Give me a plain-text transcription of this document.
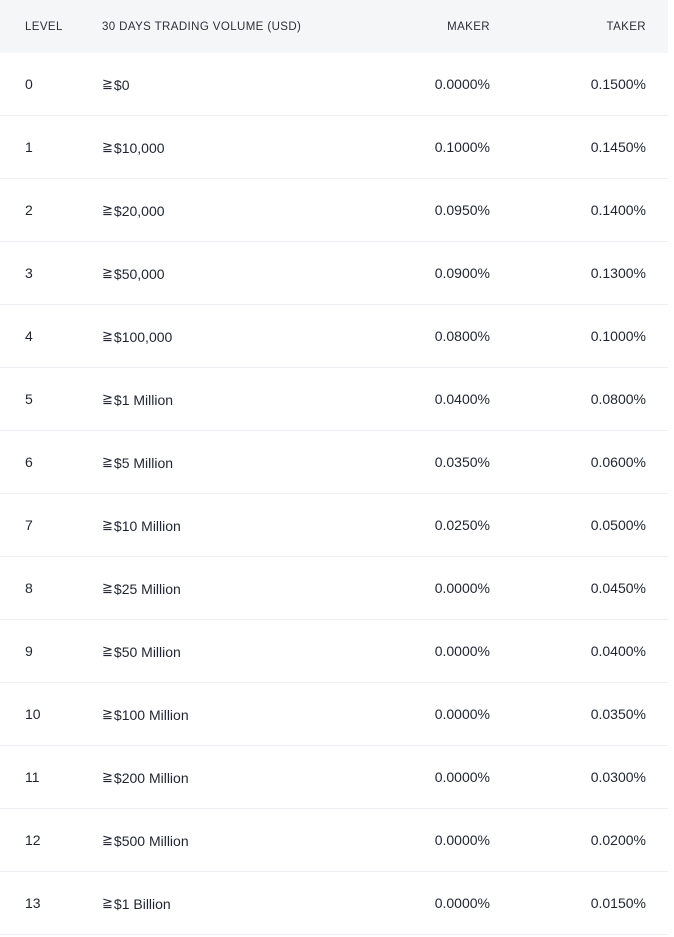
LEVEL	30 DAYS TRADING VOLUME (USD)	MAKER	TAKER
0	≧ $0	0.0000%	0.1500%
1	≧ $10,000	0.1000%	0.1450%
2	≧ $20,000	0.0950%	0.1400%
3	≧ $50,000	0.0900%	0.1300%
4	≧ $100,000	0.0800%	0.1000%
5	≧ $1 Million	0.0400%	0.0800%
6	≧ $5 Million	0.0350%	0.0600%
7	≧ $10 Million	0.0250%	0.0500%
8	≧ $25 Million	0.0000%	0.0450%
9	≧ $50 Million	0.0000%	0.0400%
10	≧ $100 Million	0.0000%	0.0350%
11	≧ $200 Million	0.0000%	0.0300%
12	≧ $500 Million	0.0000%	0.0200%
13	≧ $1 Billion	0.0000%	0.0150%
